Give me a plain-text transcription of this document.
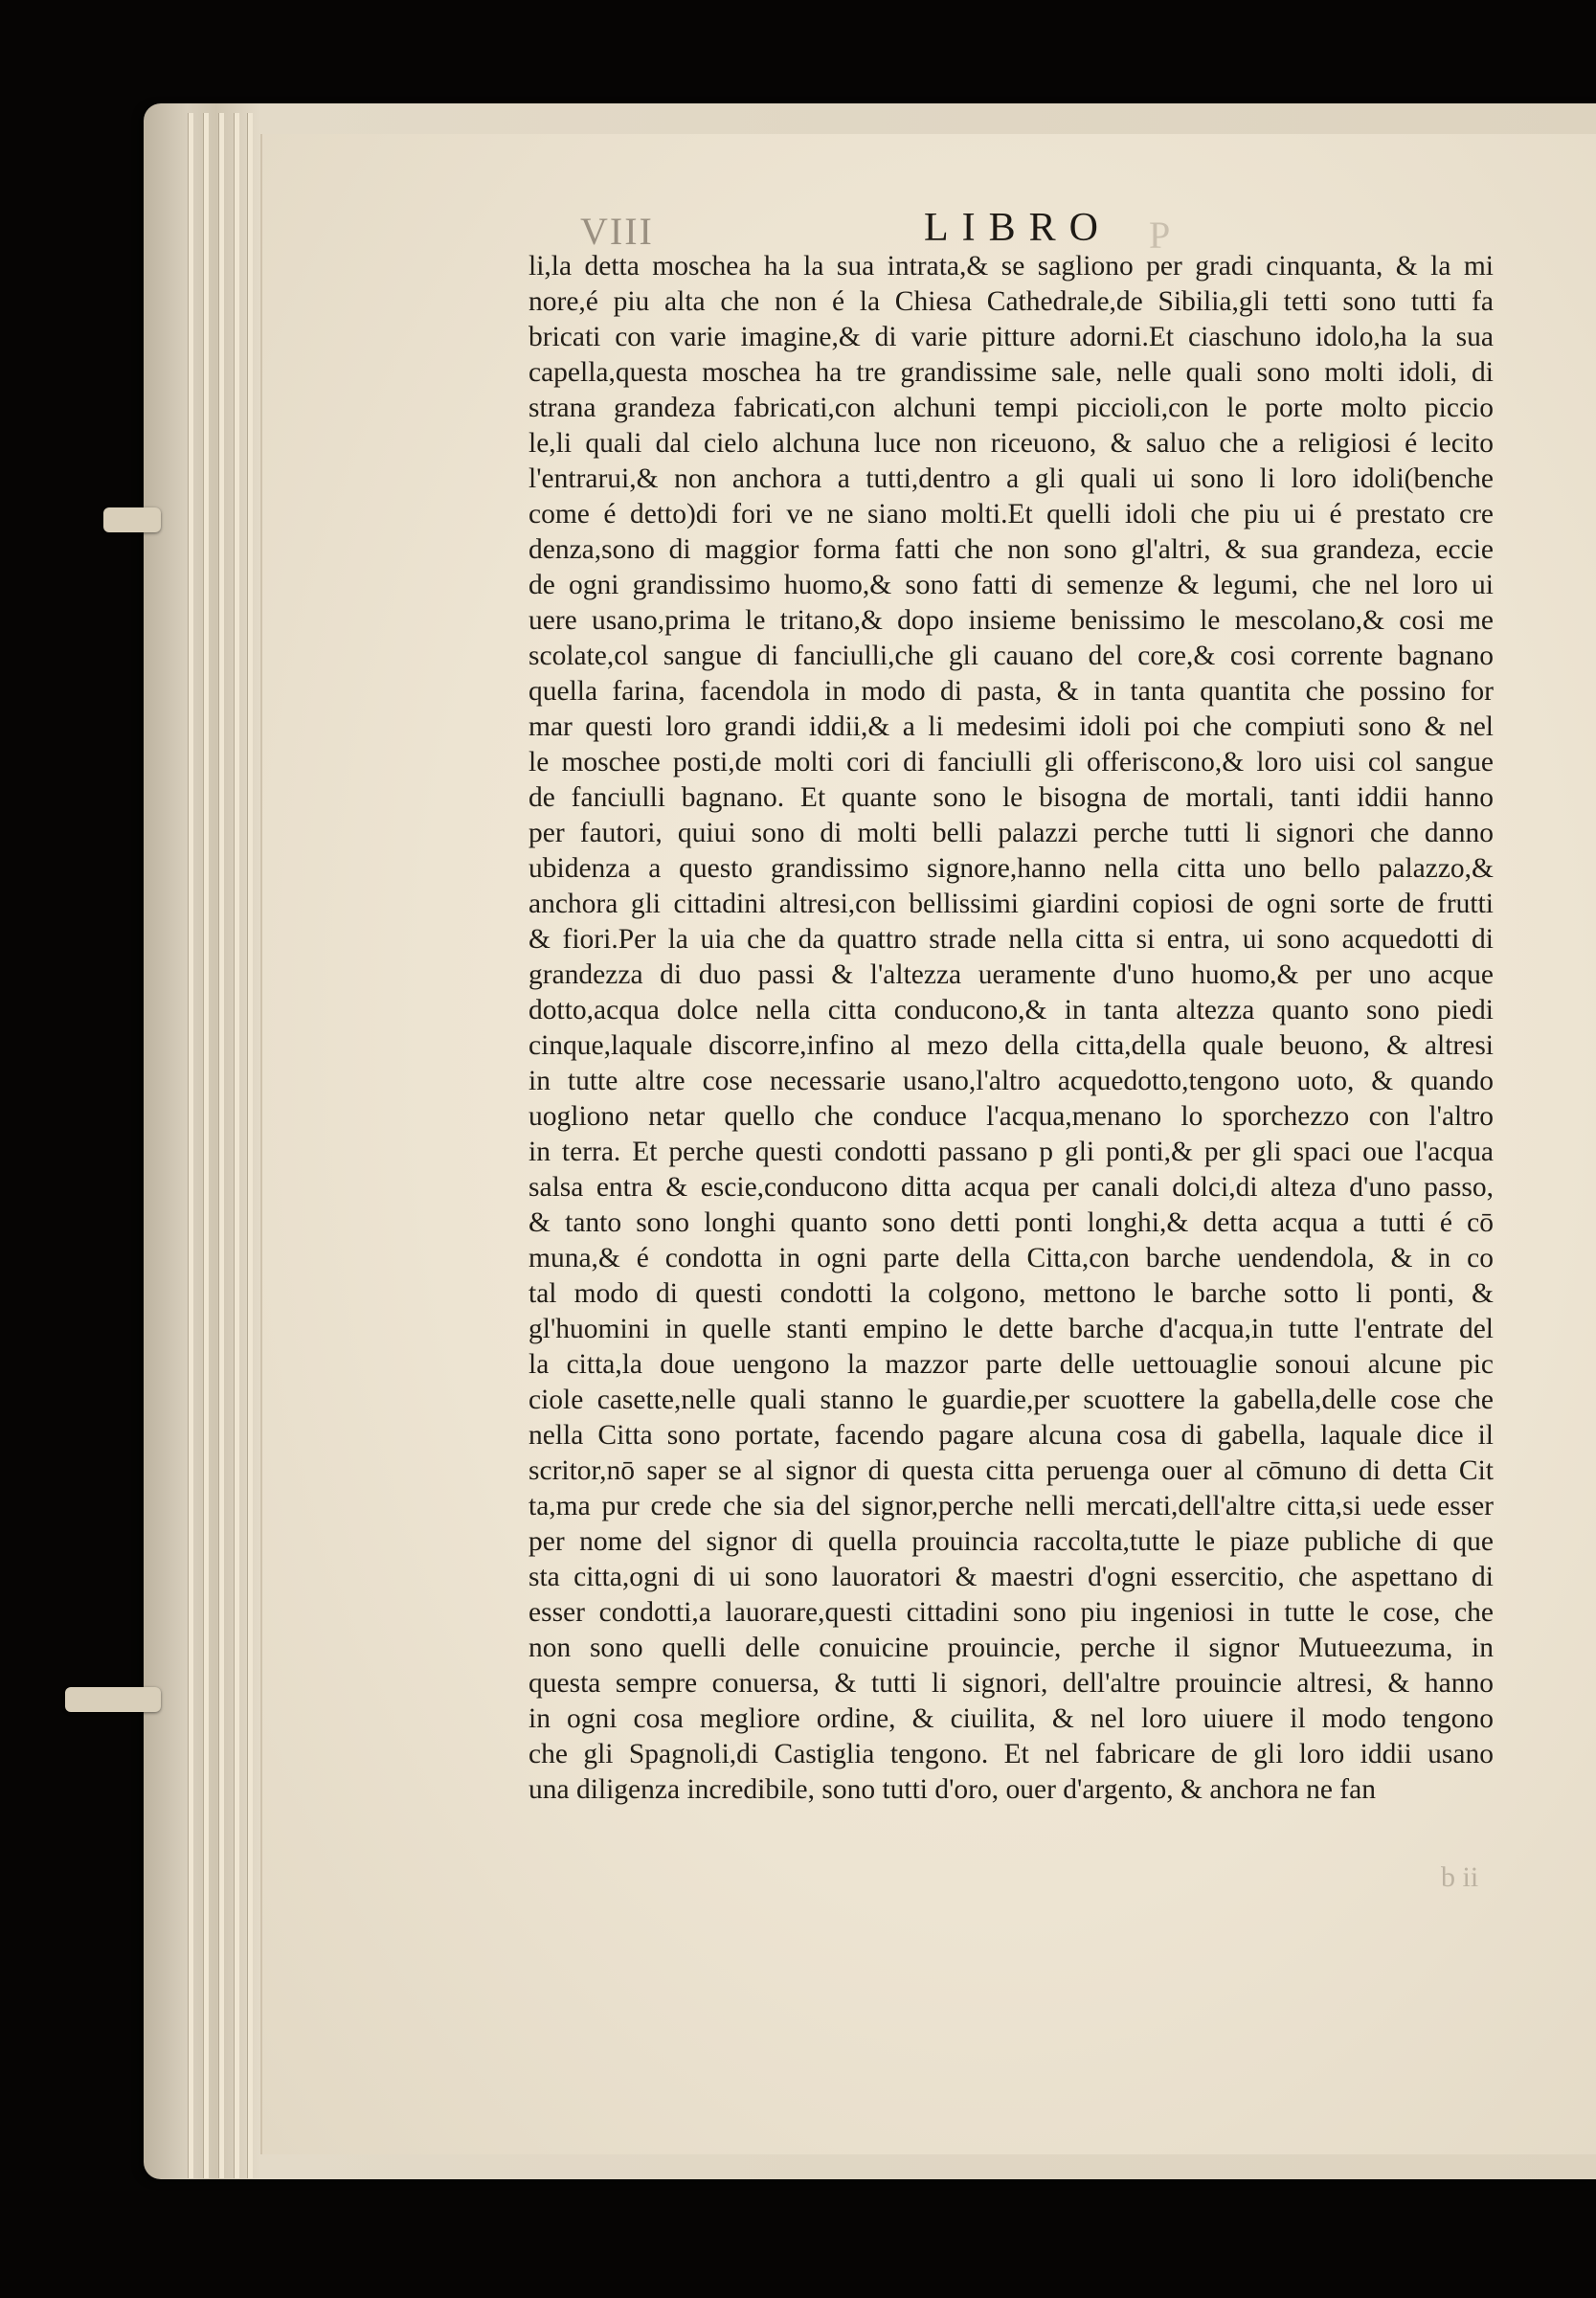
VIII	LIBRO P
b ii
li,la detta moschea ha la sua intrata,& se sagliono per gradi cinquanta, & la mi
nore,é piu alta che non é la Chiesa Cathedrale,de Sibilia,gli tetti sono tutti fa
bricati con varie imagine,& di varie pitture adorni.Et ciaschuno idolo,ha la sua
capella,questa moschea ha tre grandissime sale, nelle quali sono molti idoli, di
strana grandeza fabricati,con alchuni tempi piccioli,con le porte molto piccio
le,li quali dal cielo alchuna luce non riceuono, & saluo che a religiosi é lecito
l'entrarui,& non anchora a tutti,dentro a gli quali ui sono li loro idoli(benche
come é detto)di fori ve ne siano molti.Et quelli idoli che piu ui é prestato cre
denza,sono di maggior forma fatti che non sono gl'altri, & sua grandeza, eccie
de ogni grandissimo huomo,& sono fatti di semenze & legumi, che nel loro ui
uere usano,prima le tritano,& dopo insieme benissimo le mescolano,& cosi me
scolate,col sangue di fanciulli,che gli cauano del core,& cosi corrente bagnano
quella farina, facendola in modo di pasta, & in tanta quantita che possino for
mar questi loro grandi iddii,& a li medesimi idoli poi che compiuti sono & nel
le moschee posti,de molti cori di fanciulli gli offeriscono,& loro uisi col sangue
de fanciulli bagnano. Et quante sono le bisogna de mortali, tanti iddii hanno
per fautori, quiui sono di molti belli palazzi perche tutti li signori che danno
ubidenza a questo grandissimo signore,hanno nella citta uno bello palazzo,&
anchora gli cittadini altresi,con bellissimi giardini copiosi de ogni sorte de frutti
& fiori.Per la uia che da quattro strade nella citta si entra, ui sono acquedotti di
grandezza di duo passi & l'altezza ueramente d'uno huomo,& per uno acque
dotto,acqua dolce nella citta conducono,& in tanta altezza quanto sono piedi
cinque,laquale discorre,infino al mezo della citta,della quale beuono, & altresi
in tutte altre cose necessarie usano,l'altro acquedotto,tengono uoto, & quando
uogliono netar quello che conduce l'acqua,menano lo sporchezzo con l'altro
in terra. Et perche questi condotti passano p gli ponti,& per gli spaci oue l'acqua
salsa entra & escie,conducono ditta acqua per canali dolci,di alteza d'uno passo,
& tanto sono longhi quanto sono detti ponti longhi,& detta acqua a tutti é cō
muna,& é condotta in ogni parte della Citta,con barche uendendola, & in co
tal modo di questi condotti la colgono, mettono le barche sotto li ponti, &
gl'huomini in quelle stanti empino le dette barche d'acqua,in tutte l'entrate del
la citta,la doue uengono la mazzor parte delle uettouaglie sonoui alcune pic
ciole casette,nelle quali stanno le guardie,per scuottere la gabella,delle cose che
nella Citta sono portate, facendo pagare alcuna cosa di gabella, laquale dice il
scritor,nō saper se al signor di questa citta peruenga ouer al cōmuno di detta Cit
ta,ma pur crede che sia del signor,perche nelli mercati,dell'altre citta,si uede esser
per nome del signor di quella prouincia raccolta,tutte le piaze publiche di que
sta citta,ogni di ui sono lauoratori & maestri d'ogni essercitio, che aspettano di
esser condotti,a lauorare,questi cittadini sono piu ingeniosi in tutte le cose, che
non sono quelli delle conuicine prouincie, perche il signor Mutueezuma, in
questa sempre conuersa, & tutti li signori, dell'altre prouincie altresi, & hanno
in ogni cosa megliore ordine, & ciuilita, & nel loro uiuere il modo tengono
che gli Spagnoli,di Castiglia tengono. Et nel fabricare de gli loro iddii usano
una diligenza incredibile, sono tutti d'oro, ouer d'argento, & anchora ne fan
